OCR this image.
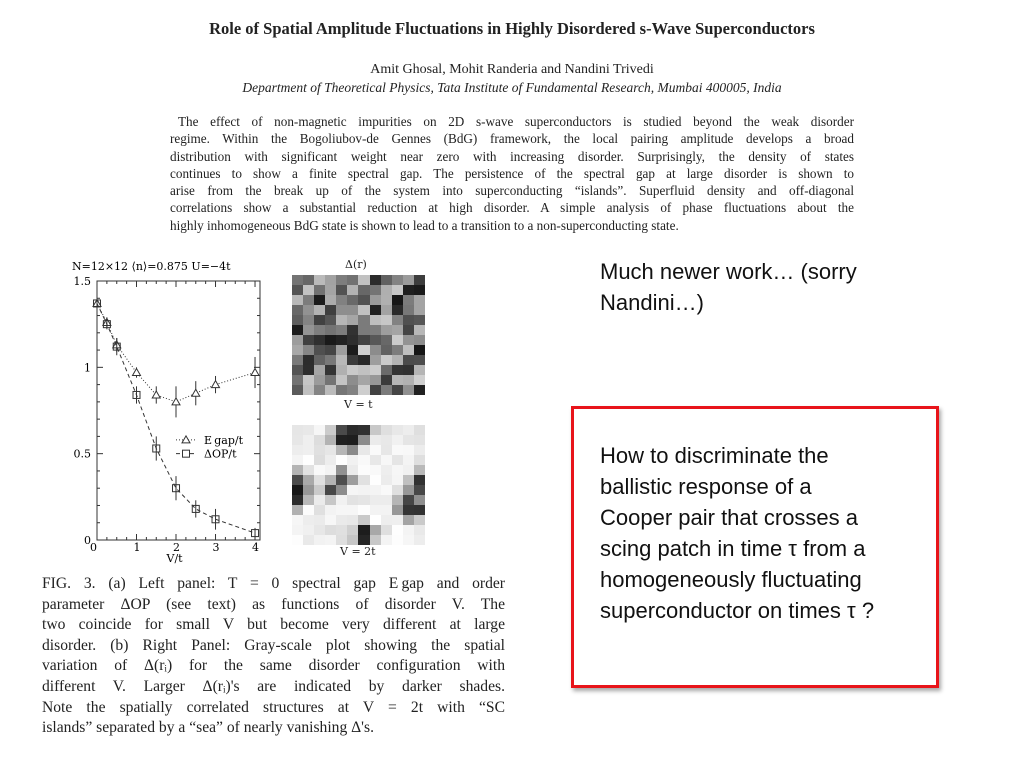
Role of Spatial Amplitude Fluctuations in Highly Disordered s-Wave Superconductors
Amit Ghosal, Mohit Randeria and Nandini Trivedi
Department of Theoretical Physics, Tata Institute of Fundamental Research, Mumbai 400005, India
The effect of non-magnetic impurities on 2D s-wave superconductors is studied beyond the weak disorder
regime. Within the Bogoliubov-de Gennes (BdG) framework, the local pairing amplitude develops a broad
distribution with significant weight near zero with increasing disorder. Surprisingly, the density of states
continues to show a finite spectral gap. The persistence of the spectral gap at large disorder is shown to
arise from the break up of the system into superconducting “islands”. Superfluid density and off-diagonal
correlations show a substantial reduction at high disorder. A simple analysis of phase fluctuations about the
highly inhomogeneous BdG state is shown to lead to a transition to a non-superconducting state.
N=12×12 ⟨n⟩=0.875 U=−4t
0	1	2	3	4
0
0.5
1
1.5
V/t
E gap/t
ΔOP/t
Δ(r)
V = t
V = 2t
FIG. 3. (a) Left panel: T = 0 spectral gap E gap and order
parameter ΔOP (see text) as functions of disorder V. The
two coincide for small V but become very different at large
disorder. (b) Right Panel: Gray-scale plot showing the spatial
variation of Δ(rᵢ) for the same disorder configuration with
different V. Larger Δ(rᵢ)'s are indicated by darker shades.
Note the spatially correlated structures at V = 2t with “SC
islands” separated by a “sea” of nearly vanishing Δ's.
Much newer work… (sorry
Nandini…)
How to discriminate the
ballistic response of a
Cooper pair that crosses a
scing patch in time τ from a
homogeneously fluctuating
superconductor on times τ ?
